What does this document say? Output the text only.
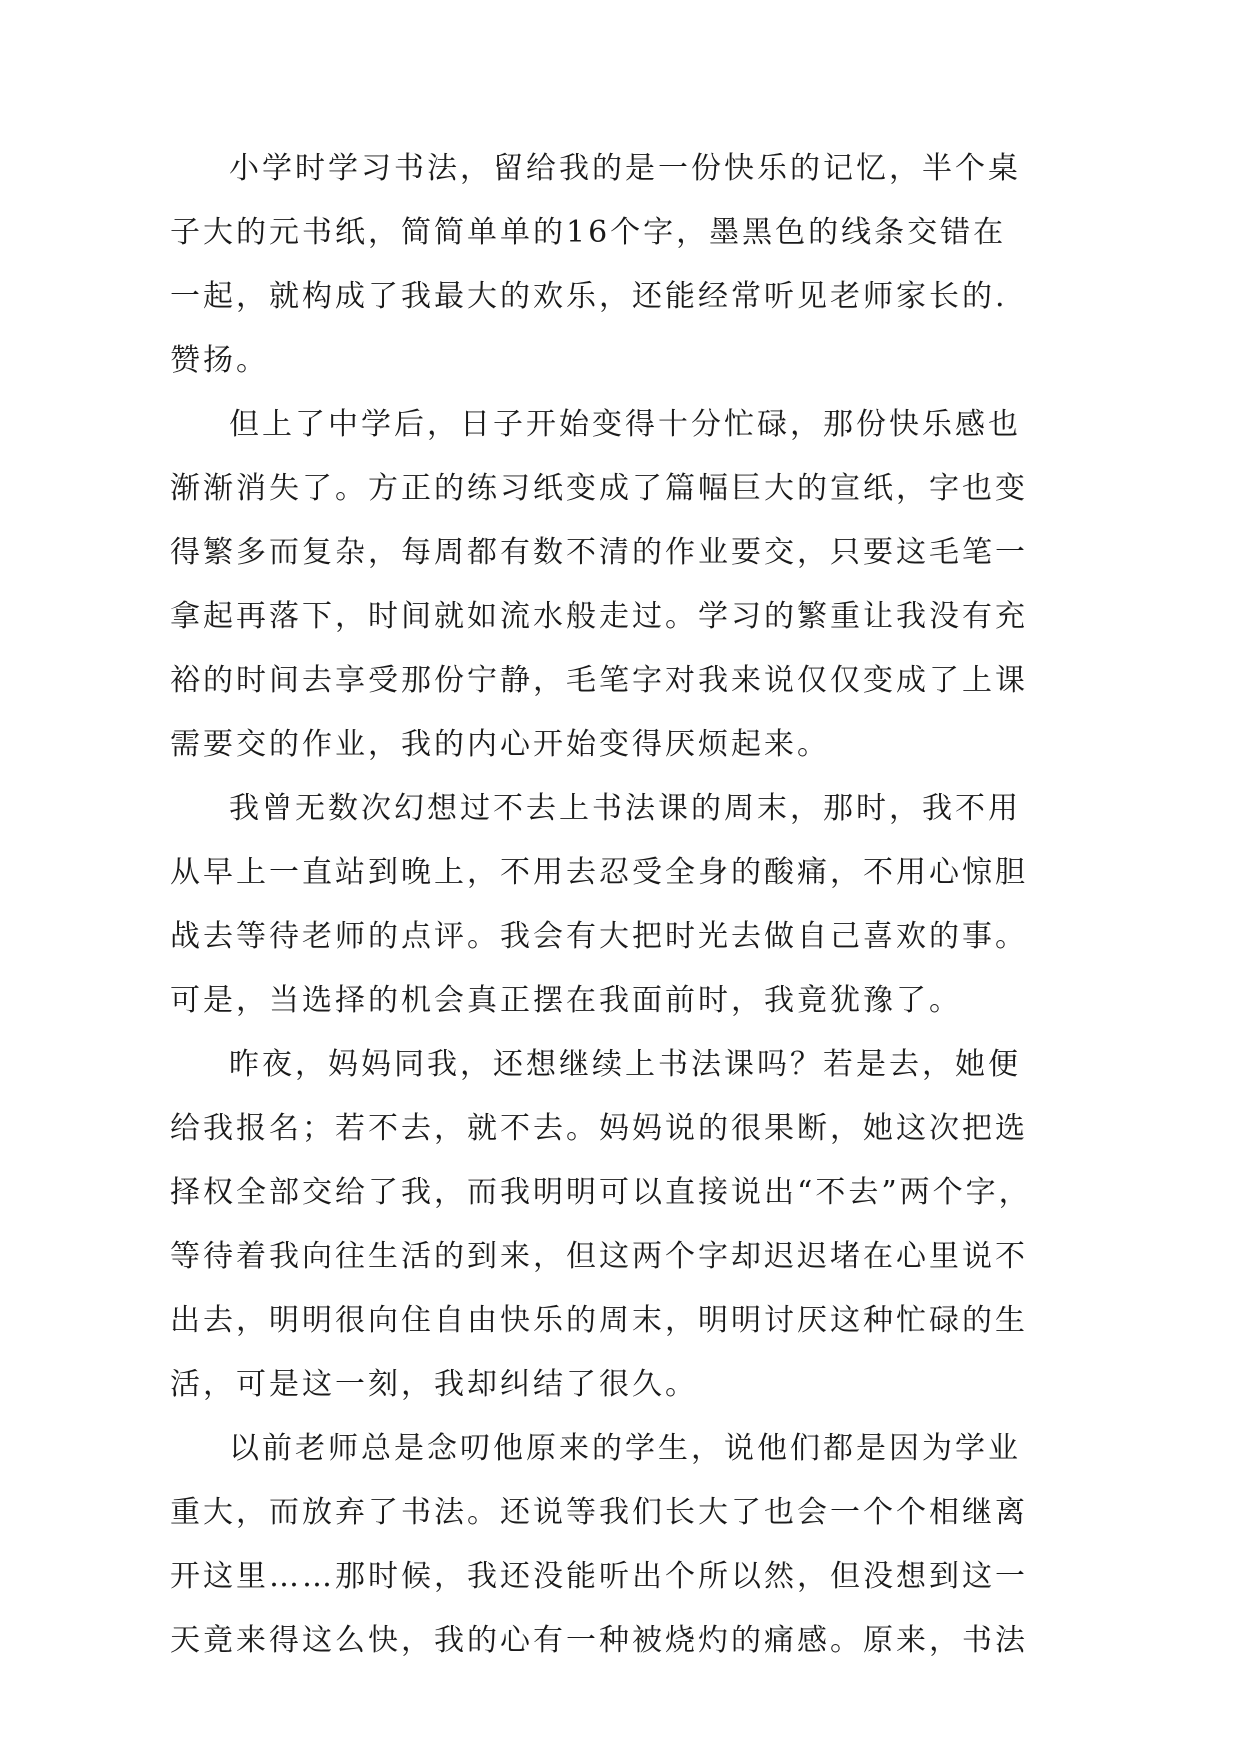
小学时学习书法，留给我的是一份快乐的记忆，半个桌
子大的元书纸，简简单单的16个字，墨黑色的线条交错在
一起，就构成了我最大的欢乐，还能经常听见老师家长的.
赞扬。
但上了中学后，日子开始变得十分忙碌，那份快乐感也
渐渐消失了。方正的练习纸变成了篇幅巨大的宣纸，字也变
得繁多而复杂，每周都有数不清的作业要交，只要这毛笔一
拿起再落下，时间就如流水般走过。学习的繁重让我没有充
裕的时间去享受那份宁静，毛笔字对我来说仅仅变成了上课
需要交的作业，我的内心开始变得厌烦起来。
我曾无数次幻想过不去上书法课的周末，那时，我不用
从早上一直站到晚上，不用去忍受全身的酸痛，不用心惊胆
战去等待老师的点评。我会有大把时光去做自己喜欢的事。
可是，当选择的机会真正摆在我面前时，我竟犹豫了。
昨夜，妈妈同我，还想继续上书法课吗？若是去，她便
给我报名；若不去，就不去。妈妈说的很果断，她这次把选
择权全部交给了我，而我明明可以直接说出“不去”两个字，
等待着我向往生活的到来，但这两个字却迟迟堵在心里说不
出去，明明很向住自由快乐的周末，明明讨厌这种忙碌的生
活，可是这一刻，我却纠结了很久。
以前老师总是念叨他原来的学生，说他们都是因为学业
重大，而放弃了书法。还说等我们长大了也会一个个相继离
开这里……那时候，我还没能听出个所以然，但没想到这一
天竟来得这么快，我的心有一种被烧灼的痛感。原来，书法
